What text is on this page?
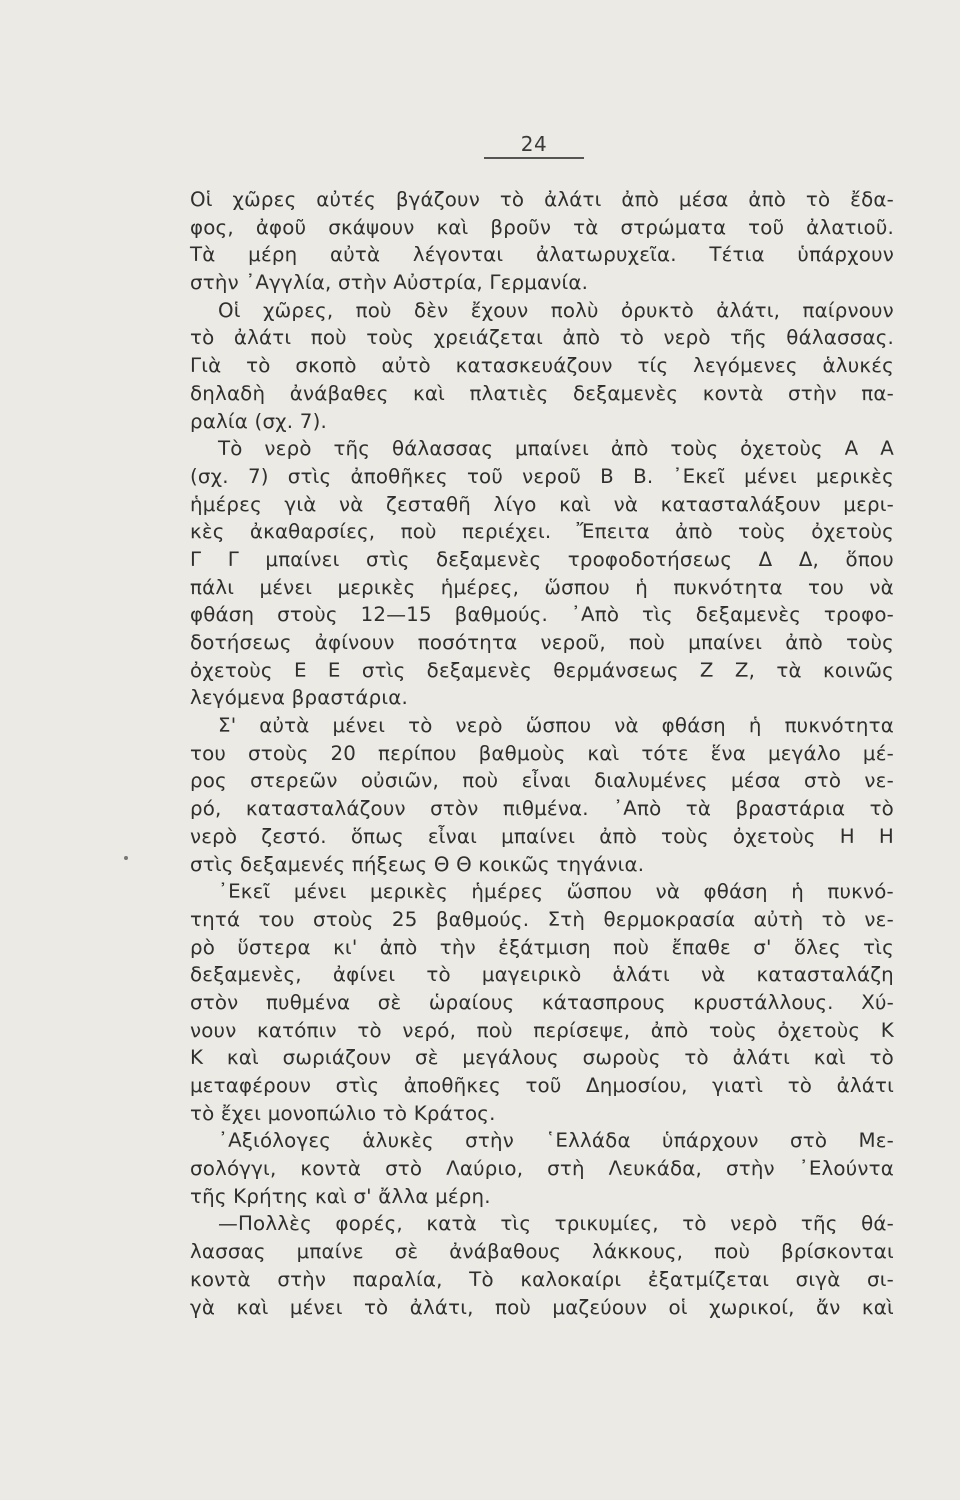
24
Οἱ χῶρες αὐτές βγάζουν τὸ ἀλάτι ἀπὸ μέσα ἀπὸ τὸ ἔδα-
φος, ἀφοῦ σκάψουν καὶ βροῦν τὰ στρώματα τοῦ ἀλατιοῦ.
Τὰ μέρη αὐτὰ λέγονται ἀλατωρυχεῖα. Τέτια ὑπάρχουν
στὴν ᾿Αγγλία, στὴν Αὐστρία, Γερμανία.
Οἱ χῶρες, ποὺ δὲν ἔχουν πολὺ ὀρυκτὸ ἀλάτι, παίρνουν
τὸ ἀλάτι ποὺ τοὺς χρειάζεται ἀπὸ τὸ νερὸ τῆς θάλασσας.
Γιὰ τὸ σκοπὸ αὐτὸ κατασκευάζουν τίς λεγόμενες ἁλυκές
δηλαδὴ ἀνάβαθες καὶ πλατιὲς δεξαμενὲς κοντὰ στὴν πα-
ραλία (σχ. 7).
Τὸ νερὸ τῆς θάλασσας μπαίνει ἀπὸ τοὺς ὀχετοὺς Α Α
(σχ. 7) στὶς ἀποθῆκες τοῦ νεροῦ Β Β. ᾿Εκεῖ μένει μερικὲς
ἡμέρες γιὰ νὰ ζεσταθῆ λίγο καὶ νὰ κατασταλάξουν μερι-
κὲς ἀκαθαρσίες, ποὺ περιέχει. Ἔπειτα ἀπὸ τοὺς ὀχετοὺς
Γ Γ μπαίνει στὶς δεξαμενὲς τροφοδοτήσεως Δ Δ, ὅπου
πάλι μένει μερικὲς ἡμέρες, ὥσπου ἡ πυκνότητα του νὰ
φθάση στοὺς 12—15 βαθμούς. ᾿Απὸ τὶς δεξαμενὲς τροφο-
δοτήσεως ἀφίνουν ποσότητα νεροῦ, ποὺ μπαίνει ἀπὸ τοὺς
ὀχετοὺς Ε Ε στὶς δεξαμενὲς θερμάνσεως Ζ Ζ, τὰ κοινῶς
λεγόμενα βραστάρια.
Σ' αὐτὰ μένει τὸ νερὸ ὥσπου νὰ φθάση ἡ πυκνότητα
του στοὺς 20 περίπου βαθμοὺς καὶ τότε ἕνα μεγάλο μέ-
ρος στερεῶν οὐσιῶν, ποὺ εἶναι διαλυμένες μέσα στὸ νε-
ρό, κατασταλάζουν στὸν πιθμένα. ᾿Απὸ τὰ βραστάρια τὸ
νερὸ ζεστό. ὅπως εἶναι μπαίνει ἀπὸ τοὺς ὀχετοὺς Η Η
στὶς δεξαμενές πήξεως Θ Θ κοικῶς τηγάνια.
᾿Εκεῖ μένει μερικὲς ἡμέρες ὥσπου νὰ φθάση ἡ πυκνό-
τητά του στοὺς 25 βαθμούς. Στὴ θερμοκρασία αὐτὴ τὸ νε-
ρὸ ὕστερα κι' ἀπὸ τὴν ἐξάτμιση ποὺ ἔπαθε σ' ὅλες τὶς
δεξαμενὲς, ἀφίνει τὸ μαγειρικὸ ἁλάτι νὰ κατασταλάζη
στὸν πυθμένα σὲ ὡραίους κάτασπρους κρυστάλλους. Χύ-
νουν κατόπιν τὸ νερό, ποὺ περίσεψε, ἀπὸ τοὺς ὀχετοὺς Κ
Κ καὶ σωριάζουν σὲ μεγάλους σωροὺς τὸ ἀλάτι καὶ τὸ
μεταφέρουν στὶς ἀποθῆκες τοῦ Δημοσίου, γιατὶ τὸ ἀλάτι
τὸ ἔχει μονοπώλιο τὸ Κράτος.
᾿Αξιόλογες ἁλυκὲς στὴν ῾Ελλάδα ὑπάρχουν στὸ Με-
σολόγγι, κοντὰ στὸ Λαύριο, στὴ Λευκάδα, στὴν ᾿Ελούντα
τῆς Κρήτης καὶ σ' ἄλλα μέρη.
—Πολλὲς φορές, κατὰ τὶς τρικυμίες, τὸ νερὸ τῆς θά-
λασσας μπαίνε σὲ ἀνάβαθους λάκκους, ποὺ βρίσκονται
κοντὰ στὴν παραλία, Τὸ καλοκαίρι ἐξατμίζεται σιγὰ σι-
γὰ καὶ μένει τὸ ἀλάτι, ποὺ μαζεύουν οἱ χωρικοί, ἄν καὶ
